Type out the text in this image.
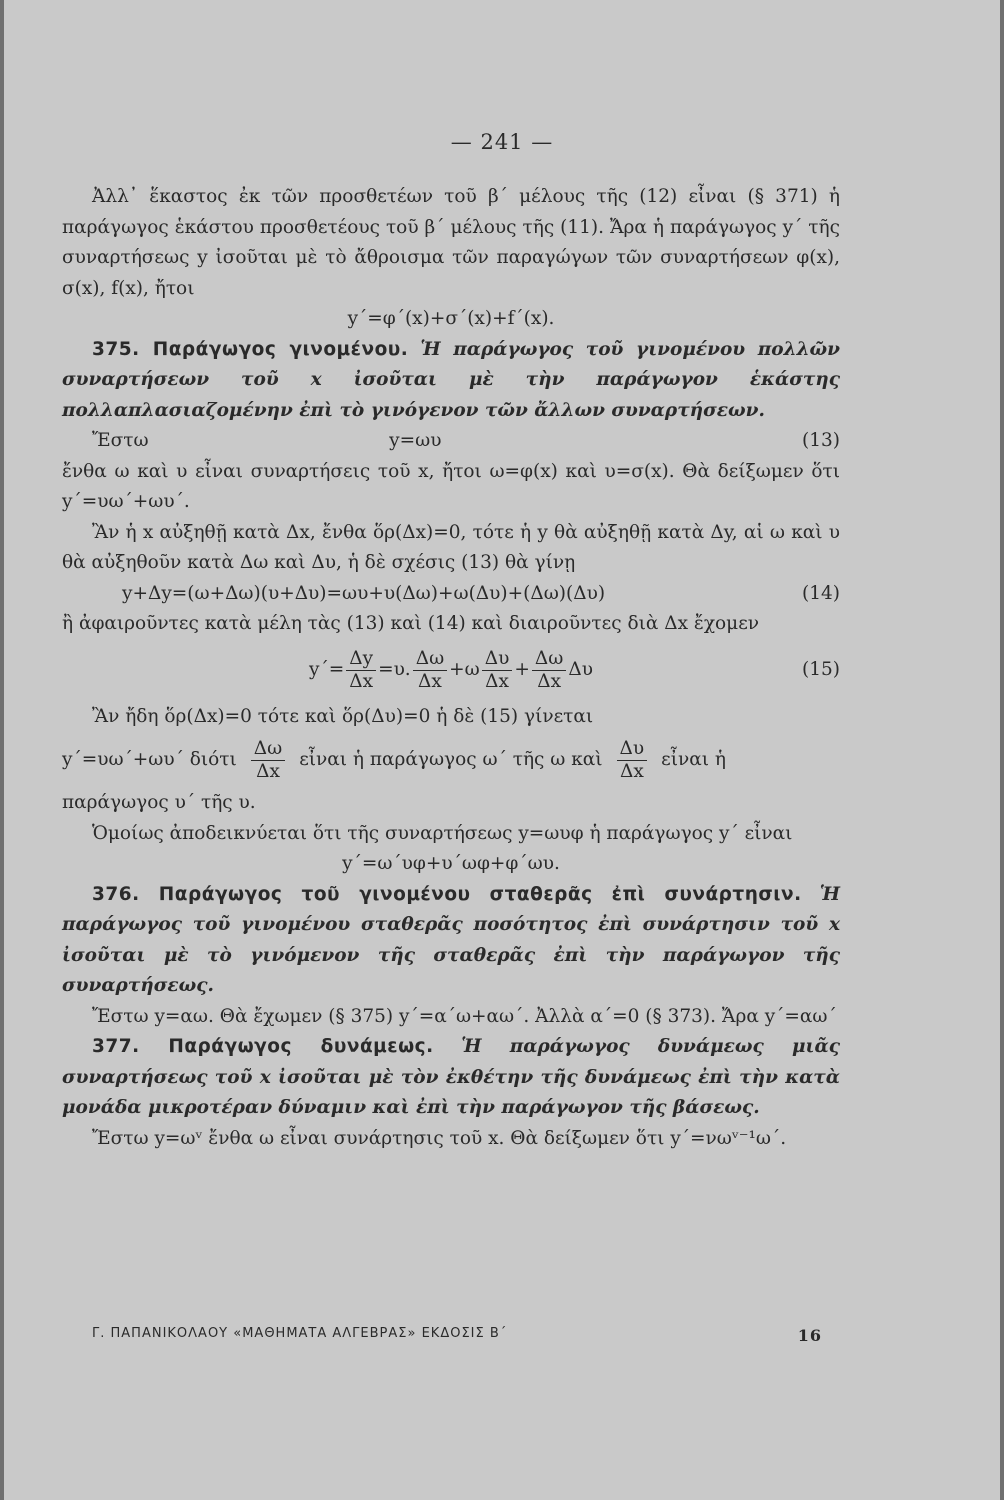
— 241 —
Ἀλλ᾽ ἕκαστος ἐκ τῶν προσθετέων τοῦ β΄ μέλους τῆς (12) εἶναι (§ 371) ἡ παράγωγος ἑκάστου προσθετέους τοῦ β΄ μέλους τῆς (11). Ἄρα ἡ παράγωγος y΄ τῆς συναρτήσεως y ἰσοῦται μὲ τὸ ἄθροισμα τῶν παραγώγων τῶν συναρτήσεων φ(x), σ(x), f(x), ἤτοι
y΄=φ΄(x)+σ΄(x)+f΄(x).
375. Παράγωγος γινομένου. Ἡ παράγωγος τοῦ γινομένου πολλῶν συναρτήσεων τοῦ x ἰσοῦται μὲ τὴν παράγωγον ἑκάστης πολλαπλασιαζομένην ἐπὶ τὸ γινόγενον τῶν ἄλλων συναρτήσεων.
Ἔστω	y=ωυ	(13)
ἔνθα ω καὶ υ εἶναι συναρτήσεις τοῦ x, ἤτοι ω=φ(x) καὶ υ=σ(x). Θὰ δείξωμεν ὅτι y΄=υω΄+ωυ΄.
Ἂν ἡ x αὐξηθῇ κατὰ Δx, ἔνθα ὅρ(Δx)=0, τότε ἡ y θὰ αὐξηθῇ κατὰ Δy, αἱ ω καὶ υ θὰ αὐξηθοῦν κατὰ Δω καὶ Δυ, ἡ δὲ σχέσις (13) θὰ γίνῃ
y+Δy=(ω+Δω)(υ+Δυ)=ωυ+υ(Δω)+ω(Δυ)+(Δω)(Δυ)	(14)
ἢ ἀφαιροῦντες κατὰ μέλη τὰς (13) καὶ (14) καὶ διαιροῦντες διὰ Δx ἔχομεν
$y΄= \frac{\Delta y}{\Delta x} =\upsilon$. $\frac{\Delta\omega}{\Delta x} +\omega \frac{\Delta\upsilon}{\Delta x} + \frac{\Delta\omega}{\Delta x}$ Δυ	(15)
Ἂν ἤδη ὅρ(Δx)=0 τότε καὶ ὅρ(Δυ)=0 ἡ δὲ (15) γίνεται
y΄=υω΄+ωυ΄ διότι $\frac{\Delta\omega}{\Delta x}$ εἶναι ἡ παράγωγος ω΄ τῆς ω καὶ $\frac{\Delta\upsilon}{\Delta x}$ εἶναι ἡ
παράγωγος υ΄ τῆς υ.
Ὁμοίως ἀποδεικνύεται ὅτι τῆς συναρτήσεως y=ωυφ ἡ παράγωγος y΄ εἶναι
y΄=ω΄υφ+υ΄ωφ+φ΄ωυ.
376. Παράγωγος τοῦ γινομένου σταθερᾶς ἐπὶ συνάρτησιν. Ἡ παράγωγος τοῦ γινομένου σταθερᾶς ποσότητος ἐπὶ συνάρτησιν τοῦ x ἰσοῦται μὲ τὸ γινόμενον τῆς σταθερᾶς ἐπὶ τὴν παράγωγον τῆς συναρτήσεως.
Ἔστω y=αω. Θὰ ἔχωμεν (§ 375) y΄=α΄ω+αω΄. Ἀλλὰ α΄=0 (§ 373). Ἄρα y΄=αω΄
377. Παράγωγος δυνάμεως. Ἡ παράγωγος δυνάμεως μιᾶς συναρτήσεως τοῦ x ἰσοῦται μὲ τὸν ἐκθέτην τῆς δυνάμεως ἐπὶ τὴν κατὰ μονάδα μικροτέραν δύναμιν καὶ ἐπὶ τὴν παράγωγον τῆς βάσεως.
Ἔστω y=ωᵛ ἔνθα ω εἶναι συνάρτησις τοῦ x. Θὰ δείξωμεν ὅτι y΄=νωᵛ⁻¹ω΄.
Γ. ΠΑΠΑΝΙΚΟΛΑΟΥ «ΜΑΘΗΜΑΤΑ ΑΛΓΕΒΡΑΣ» ΕΚΔΟΣΙΣ Β΄	16
